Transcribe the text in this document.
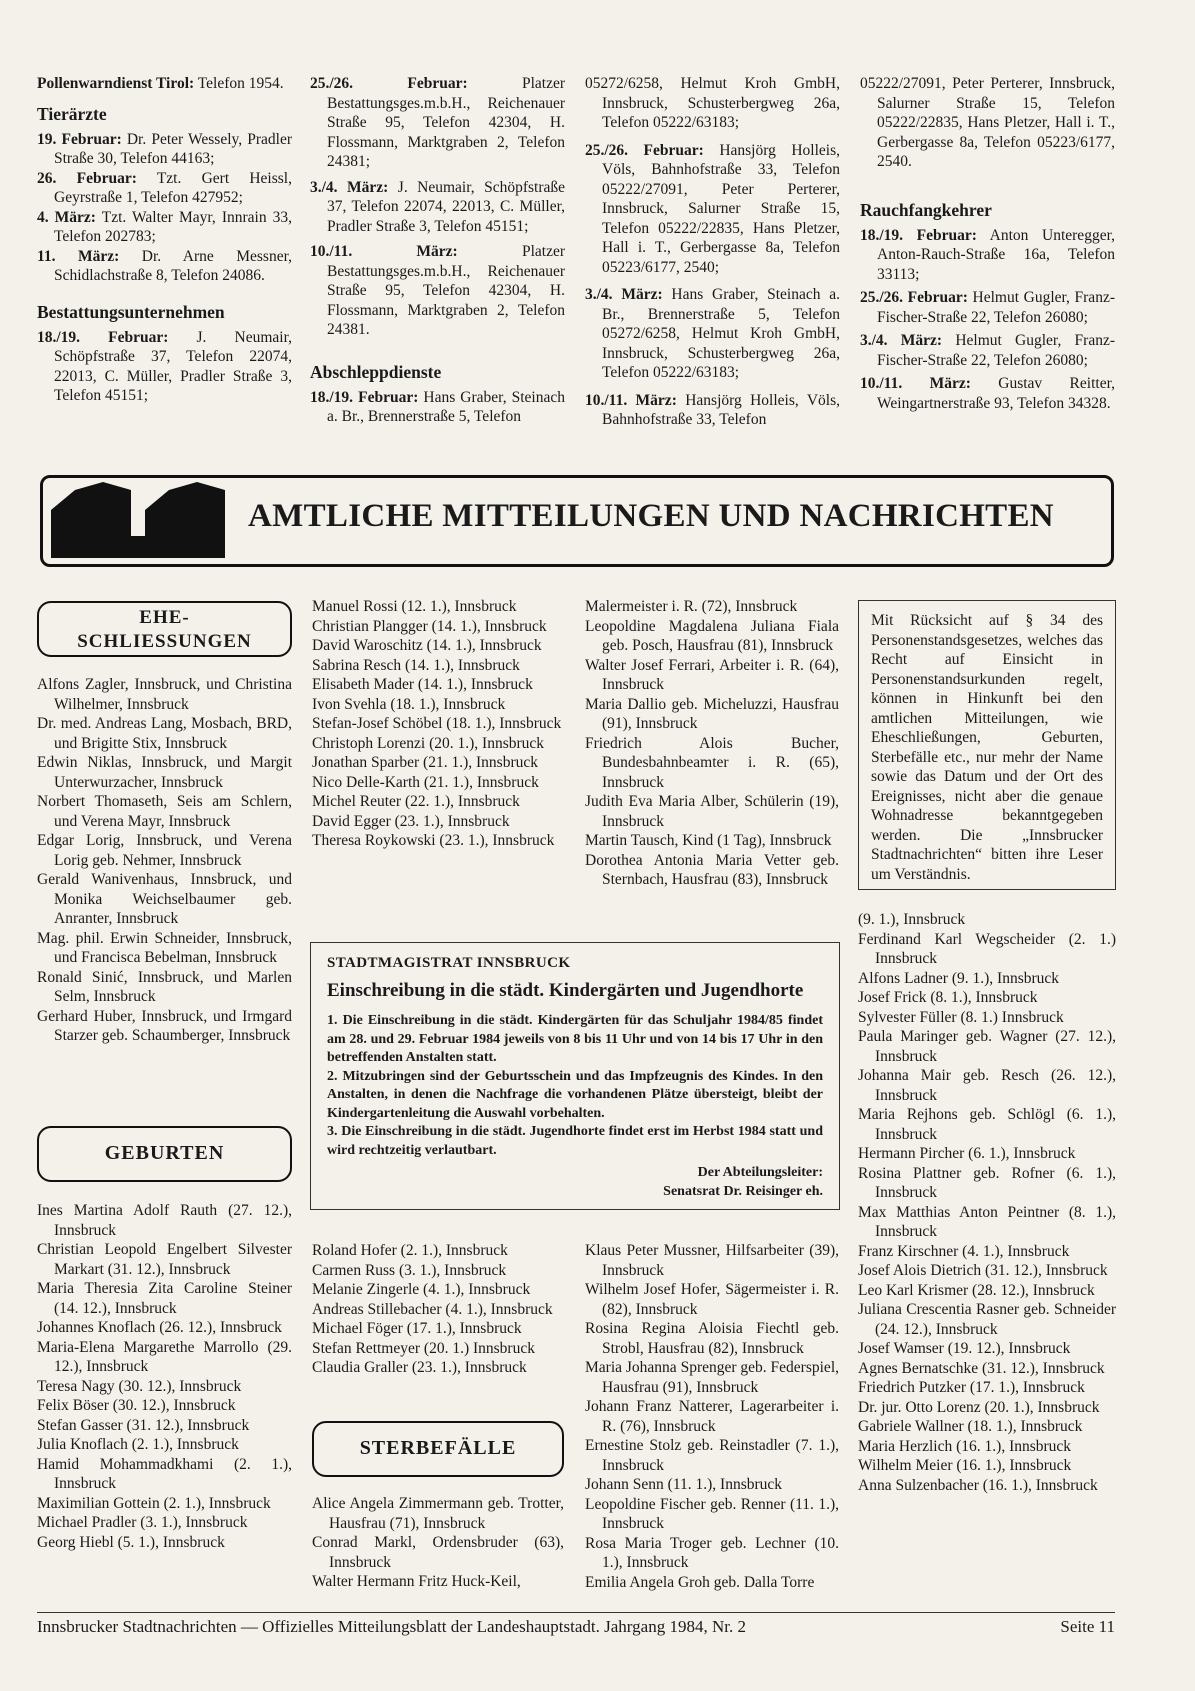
Pollenwarndienst Tirol: Telefon 1954.

Tierärzte

19. Februar: Dr. Peter Wessely, Pradler Straße 30, Telefon 44163;

26. Februar: Tzt. Gert Heissl, Geyrstraße 1, Telefon 427952;

4. März: Tzt. Walter Mayr, Innrain 33, Telefon 202783;

11. März: Dr. Arne Messner, Schidlachstraße 8, Telefon 24086.

Bestattungsunternehmen

18./19. Februar: J. Neumair, Schöpfstraße 37, Telefon 22074, 22013, C. Müller, Pradler Straße 3, Telefon 45151;

25./26. Februar:	Platzer Bestattungsges.m.b.H., Reichenauer Straße 95, Telefon 42304, H. Flossmann, Marktgraben 2, Telefon 24381;

3./4. März: J. Neumair, Schöpfstraße 37, Telefon 22074, 22013, C. Müller, Pradler Straße 3, Telefon 45151;

10./11. März:	Platzer Bestattungsges.m.b.H., Reichenauer Straße 95, Telefon 42304, H. Flossmann, Marktgraben 2, Telefon 24381.

Abschleppdienste

18./19. Februar: Hans Graber, Steinach a. Br., Brennerstraße 5, Telefon

05272/6258, Helmut Kroh GmbH, Innsbruck, Schusterbergweg 26a, Telefon 05222/63183;

25./26. Februar: Hansjörg Holleis, Völs, Bahnhofstraße 33, Telefon 05222/27091, Peter Perterer, Innsbruck, Salurner Straße 15, Telefon 05222/22835, Hans Pletzer, Hall i. T., Gerbergasse 8a, Telefon 05223/6177, 2540;

3./4. März: Hans Graber, Steinach a. Br., Brennerstraße 5, Telefon 05272/6258, Helmut Kroh GmbH, Innsbruck, Schusterbergweg 26a, Telefon 05222/63183;

10./11. März: Hansjörg Holleis, Völs, Bahnhofstraße 33, Telefon

05222/27091, Peter Perterer, Innsbruck, Salurner Straße 15, Telefon 05222/22835, Hans Pletzer, Hall i. T., Gerbergasse 8a, Telefon 05223/6177, 2540.

Rauchfangkehrer

18./19. Februar: Anton Unteregger, Anton-Rauch-Straße 16a, Telefon 33113;

25./26. Februar: Helmut Gugler, Franz-Fischer-Straße 22, Telefon 26080;

3./4. März: Helmut Gugler, Franz-Fischer-Straße 22, Telefon 26080;

10./11. März: Gustav Reitter, Weingartnerstraße 93, Telefon 34328.

AMTLICHE MITTEILUNGEN UND NACHRICHTEN
EHE-
SCHLIESSUNGEN

Alfons Zagler, Innsbruck, und Christina Wilhelmer, Innsbruck

Dr. med. Andreas Lang, Mosbach, BRD, und Brigitte Stix, Innsbruck

Edwin Niklas, Innsbruck, und Margit Unterwurzacher, Innsbruck

Norbert Thomaseth, Seis am Schlern, und Verena Mayr, Innsbruck

Edgar Lorig, Innsbruck, und Verena Lorig geb. Nehmer, Innsbruck

Gerald Wanivenhaus, Innsbruck, und Monika Weichselbaumer geb. Anranter, Innsbruck

Mag. phil. Erwin Schneider, Innsbruck, und Francisca Bebelman, Innsbruck

Ronald Sinić, Innsbruck, und Marlen Selm, Innsbruck

Gerhard Huber, Innsbruck, und Irmgard Starzer geb. Schaumberger, Innsbruck

GEBURTEN

Ines Martina Adolf Rauth (27. 12.), Innsbruck

Christian Leopold Engelbert Silvester Markart (31. 12.), Innsbruck

Maria Theresia Zita Caroline Steiner (14. 12.), Innsbruck

Johannes Knoflach (26. 12.), Innsbruck

Maria-Elena Margarethe Marrollo (29. 12.), Innsbruck

Teresa Nagy (30. 12.), Innsbruck

Felix Böser (30. 12.), Innsbruck

Stefan Gasser (31. 12.), Innsbruck

Julia Knoflach (2. 1.), Innsbruck

Hamid Mohammadkhami (2. 1.), Innsbruck

Maximilian Gottein (2. 1.), Innsbruck

Michael Pradler (3. 1.), Innsbruck

Georg Hiebl (5. 1.), Innsbruck

Manuel Rossi (12. 1.), Innsbruck

Christian Plangger (14. 1.), Innsbruck

David Waroschitz (14. 1.), Innsbruck

Sabrina Resch (14. 1.), Innsbruck

Elisabeth Mader (14. 1.), Innsbruck

Ivon Svehla (18. 1.), Innsbruck

Stefan-Josef Schöbel (18. 1.), Innsbruck

Christoph Lorenzi (20. 1.), Innsbruck

Jonathan Sparber (21. 1.), Innsbruck

Nico Delle-Karth (21. 1.), Innsbruck

Michel Reuter (22. 1.), Innsbruck

David Egger (23. 1.), Innsbruck

Theresa Roykowski (23. 1.), Innsbruck

STADTMAGISTRAT INNSBRUCK
Einschreibung in die städt. Kindergärten und Jugendhorte
1. Die Einschreibung in die städt. Kindergärten für das Schuljahr 1984/85 findet am 28. und 29. Februar 1984 jeweils von 8 bis 11 Uhr und von 14 bis 17 Uhr in den betreffenden Anstalten statt.
2. Mitzubringen sind der Geburtsschein und das Impfzeugnis des Kindes. In den Anstalten, in denen die Nachfrage die vorhandenen Plätze übersteigt, bleibt der Kindergartenleitung die Auswahl vorbehalten.
3. Die Einschreibung in die städt. Jugendhorte findet erst im Herbst 1984 statt und wird rechtzeitig verlautbart.
Der Abteilungsleiter:
Senatsrat Dr. Reisinger eh.

Roland Hofer (2. 1.), Innsbruck

Carmen Russ (3. 1.), Innsbruck

Melanie Zingerle (4. 1.), Innsbruck

Andreas Stillebacher (4. 1.), Innsbruck

Michael Föger (17. 1.), Innsbruck

Stefan Rettmeyer (20. 1.) Innsbruck

Claudia Graller (23. 1.), Innsbruck

STERBEFÄLLE

Alice Angela Zimmermann geb. Trotter, Hausfrau (71), Innsbruck

Conrad Markl, Ordensbruder (63), Innsbruck

Walter Hermann Fritz Huck-Keil,

Malermeister i. R. (72), Innsbruck

Leopoldine Magdalena Juliana Fiala geb. Posch, Hausfrau (81), Innsbruck

Walter Josef Ferrari, Arbeiter i. R. (64), Innsbruck

Maria Dallio geb. Micheluzzi, Hausfrau (91), Innsbruck

Friedrich Alois Bucher, Bundesbahnbeamter i. R. (65), Innsbruck

Judith Eva Maria Alber, Schülerin (19), Innsbruck

Martin Tausch, Kind (1 Tag), Innsbruck

Dorothea Antonia Maria Vetter geb. Sternbach, Hausfrau (83), Innsbruck

Klaus Peter Mussner, Hilfsarbeiter (39), Innsbruck

Wilhelm Josef Hofer, Sägermeister i. R. (82), Innsbruck

Rosina Regina Aloisia Fiechtl geb. Strobl, Hausfrau (82), Innsbruck

Maria Johanna Sprenger geb. Federspiel, Hausfrau (91), Innsbruck

Johann Franz Natterer, Lagerarbeiter i. R. (76), Innsbruck

Ernestine Stolz geb. Reinstadler (7. 1.), Innsbruck

Johann Senn (11. 1.), Innsbruck

Leopoldine Fischer geb. Renner (11. 1.), Innsbruck

Rosa Maria Troger geb. Lechner (10. 1.), Innsbruck

Emilia Angela Groh geb. Dalla Torre

Mit Rücksicht auf § 34 des Personenstandsgesetzes, welches das Recht auf Einsicht in Personenstandsurkunden regelt, können in Hinkunft bei den amtlichen Mitteilungen, wie Eheschließungen, Geburten, Sterbefälle etc., nur mehr der Name sowie das Datum und der Ort des Ereignisses, nicht aber die genaue Wohnadresse bekanntgegeben werden. Die „Innsbrucker Stadtnachrichten“ bitten ihre Leser um Verständnis.

(9. 1.), Innsbruck

Ferdinand Karl Wegscheider (2. 1.) Innsbruck

Alfons Ladner (9. 1.), Innsbruck

Josef Frick (8. 1.), Innsbruck

Sylvester Füller (8. 1.) Innsbruck

Paula Maringer geb. Wagner (27. 12.), Innsbruck

Johanna Mair geb. Resch (26. 12.), Innsbruck

Maria Rejhons geb. Schlögl (6. 1.), Innsbruck

Hermann Pircher (6. 1.), Innsbruck

Rosina Plattner geb. Rofner (6. 1.), Innsbruck

Max Matthias Anton Peintner (8. 1.), Innsbruck

Franz Kirschner (4. 1.), Innsbruck

Josef Alois Dietrich (31. 12.), Innsbruck

Leo Karl Krismer (28. 12.), Innsbruck

Juliana Crescentia Rasner geb. Schneider (24. 12.), Innsbruck

Josef Wamser (19. 12.), Innsbruck

Agnes Bernatschke (31. 12.), Innsbruck

Friedrich Putzker (17. 1.), Innsbruck

Dr. jur. Otto Lorenz (20. 1.), Innsbruck

Gabriele Wallner (18. 1.), Innsbruck

Maria Herzlich (16. 1.), Innsbruck

Wilhelm Meier (16. 1.), Innsbruck

Anna Sulzenbacher (16. 1.), Innsbruck

Innsbrucker Stadtnachrichten — Offizielles Mitteilungsblatt der Landeshauptstadt. Jahrgang 1984, Nr. 2	Seite 11
